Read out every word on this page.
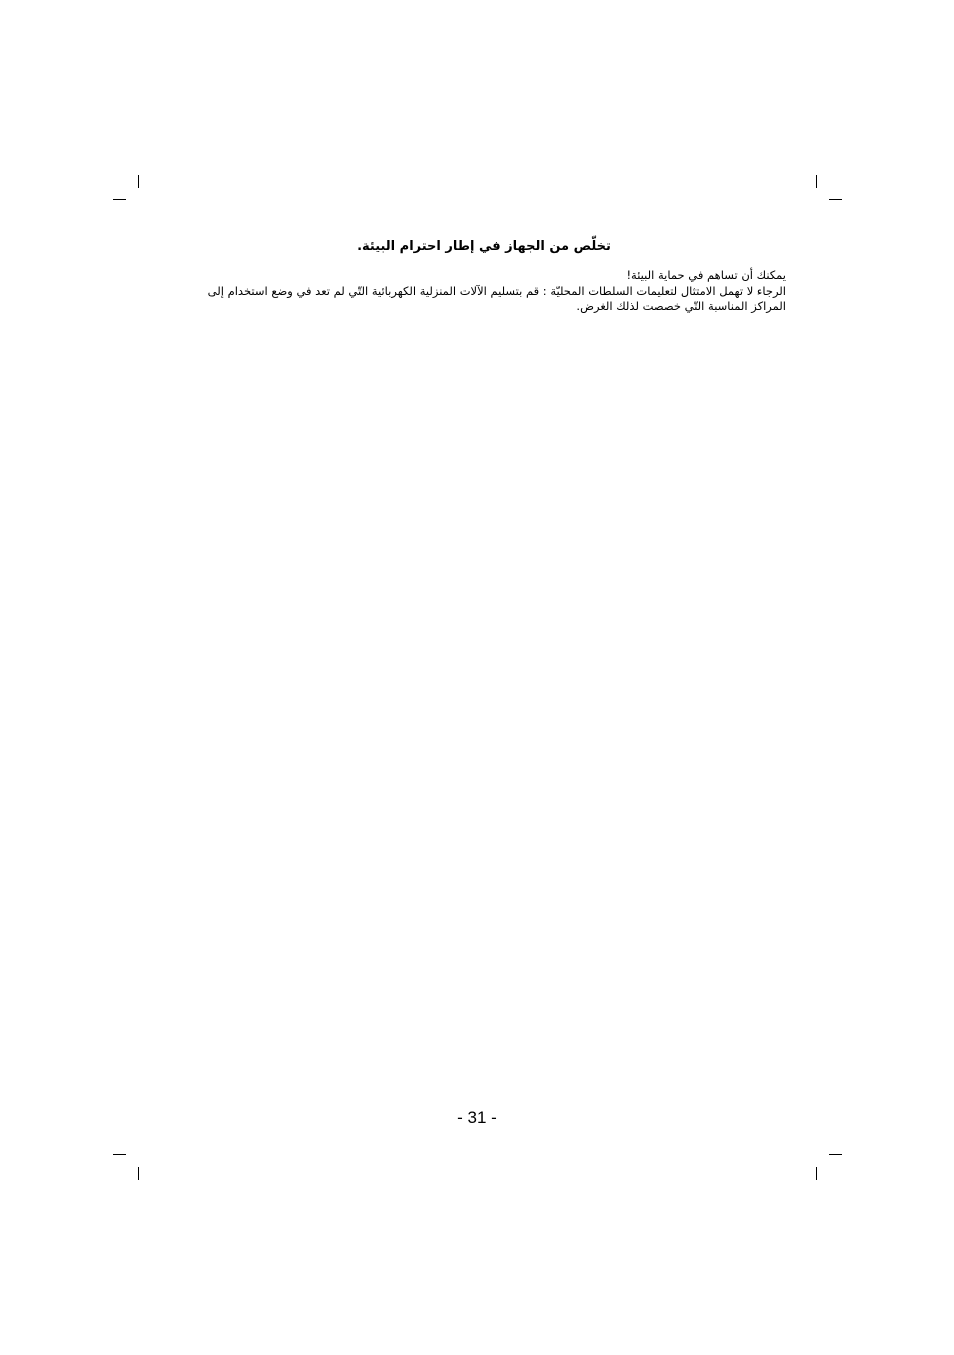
تخلّص من الجهاز في إطار احترام البيئة.

يمكنك أن تساهم في حماية البيئة!

الرجاء لا تهمل الامتثال لتعليمات السلطات المحليّة : قم بتسليم الآلات المنزلية الكهربائية التّي لم تعد في وضع استخدام إلى المراكز المناسبة التّي خصصت لذلك الغرض.

- 31 -
